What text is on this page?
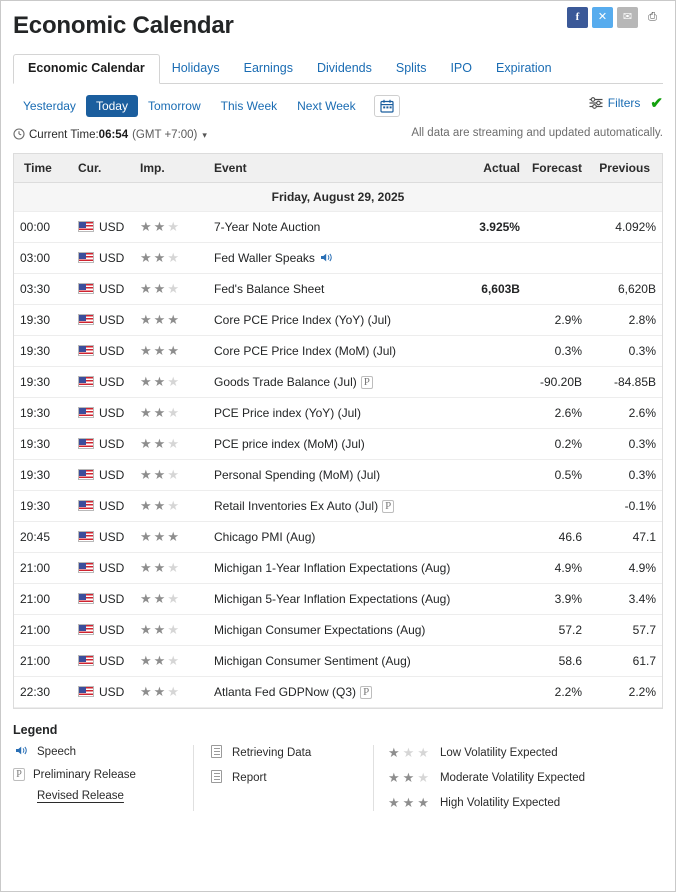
Economic Calendar	f	✕	✉	⎙
Economic Calendar	Holidays	Earnings	Dividends	Splits	IPO	Expiration
Yesterday	Today	Tomorrow	This Week	Next Week	Filters ✔
Current Time: 06:54 (GMT +7:00) ▾	All data are streaming and updated automatically.
Time	Cur.	Imp.	Event	Actual	Forecast	Previous
Friday, August 29, 2025						
00:00	USD	★★★	7-Year Note Auction	3.925%		4.092%
03:00	USD	★★★	Fed Waller Speaks			
03:30	USD	★★★	Fed's Balance Sheet	6,603B		6,620B
19:30	USD	★★★	Core PCE Price Index (YoY) (Jul)		2.9%	2.8%
19:30	USD	★★★	Core PCE Price Index (MoM) (Jul)		0.3%	0.3%
19:30	USD	★★★	Goods Trade Balance (Jul) P		-90.20B	-84.85B
19:30	USD	★★★	PCE Price index (YoY) (Jul)		2.6%	2.6%
19:30	USD	★★★	PCE price index (MoM) (Jul)		0.2%	0.3%
19:30	USD	★★★	Personal Spending (MoM) (Jul)		0.5%	0.3%
19:30	USD	★★★	Retail Inventories Ex Auto (Jul) P			-0.1%
20:45	USD	★★★	Chicago PMI (Aug)		46.6	47.1
21:00	USD	★★★	Michigan 1-Year Inflation Expectations (Aug)		4.9%	4.9%
21:00	USD	★★★	Michigan 5-Year Inflation Expectations (Aug)		3.9%	3.4%
21:00	USD	★★★	Michigan Consumer Expectations (Aug)		57.2	57.7
21:00	USD	★★★	Michigan Consumer Sentiment (Aug)		58.6	61.7
22:30	USD	★★★	Atlanta Fed GDPNow (Q3) P		2.2%	2.2%
Legend
Speech
P Preliminary Release
Revised Release
Retrieving Data
Report
★★★ Low Volatility Expected
★★★ Moderate Volatility Expected
★★★ High Volatility Expected
